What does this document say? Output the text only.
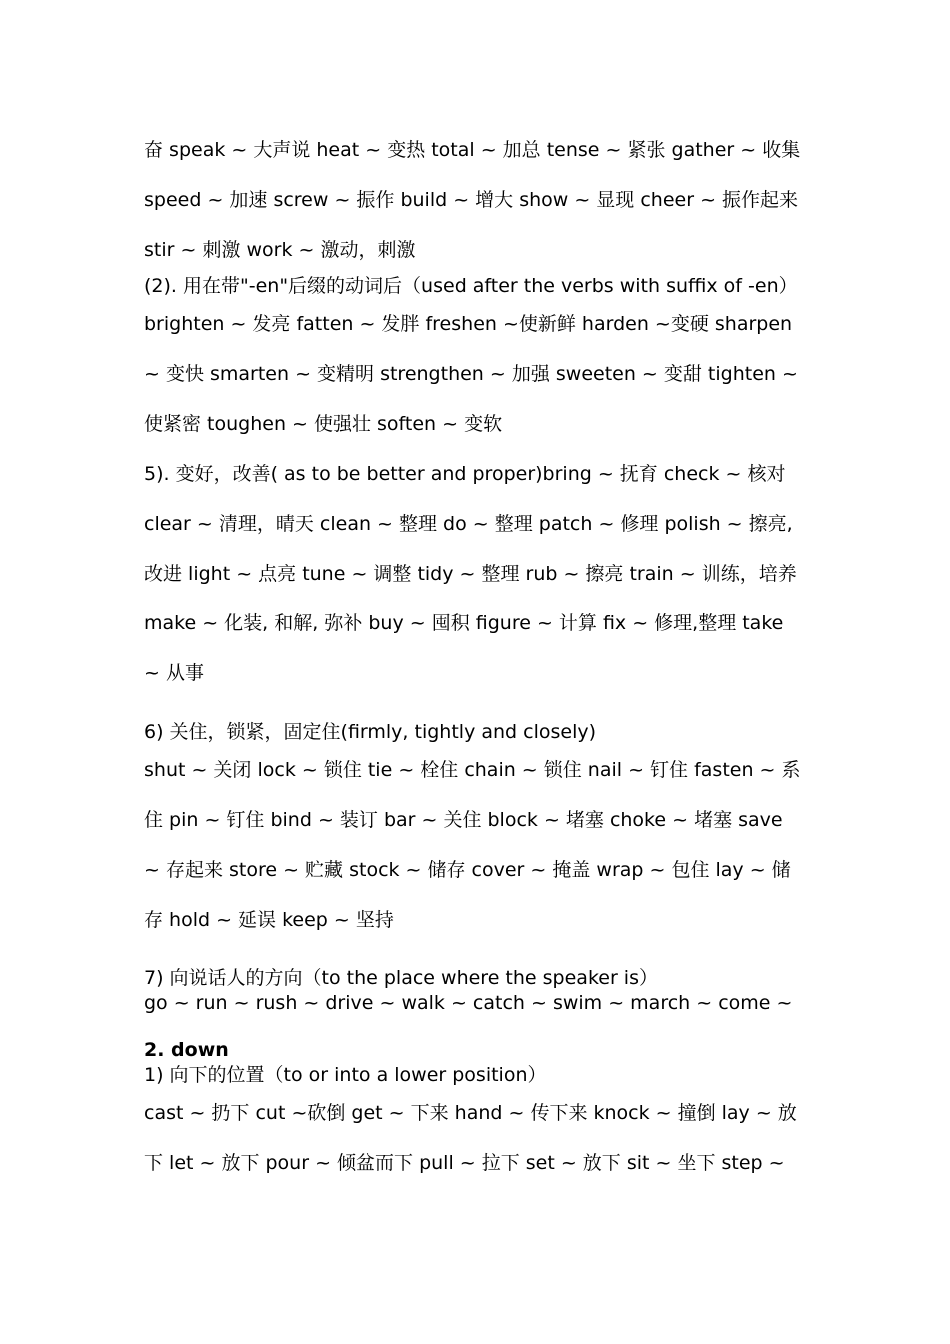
奋 speak ~ 大声说 heat ~ 变热 total ~ 加总 tense ~ 紧张 gather ~ 收集
speed ~ 加速 screw ~ 振作 build ~ 增大 show ~ 显现 cheer ~ 振作起来
stir ~ 刺激 work ~ 激动，刺激
(2). 用在带"-en"后缀的动词后（used after the verbs with suffix of -en）
brighten ~ 发亮 fatten ~ 发胖 freshen ~使新鲜 harden ~变硬 sharpen
~ 变快 smarten ~ 变精明 strengthen ~ 加强 sweeten ~ 变甜 tighten ~
使紧密 toughen ~ 使强壮 soften ~ 变软
5). 变好，改善( as to be better and proper)bring ~ 抚育 check ~ 核对
clear ~ 清理，晴天 clean ~ 整理 do ~ 整理 patch ~ 修理 polish ~ 擦亮,
改进 light ~ 点亮 tune ~ 调整 tidy ~ 整理 rub ~ 擦亮 train ~ 训练，培养
make ~ 化装, 和解, 弥补 buy ~ 囤积 figure ~ 计算 fix ~ 修理,整理 take
~ 从事
6) 关住，锁紧，固定住(firmly, tightly and closely)
shut ~ 关闭 lock ~ 锁住 tie ~ 栓住 chain ~ 锁住 nail ~ 钉住 fasten ~ 系
住 pin ~ 钉住 bind ~ 装订 bar ~ 关住 block ~ 堵塞 choke ~ 堵塞 save
~ 存起来 store ~ 贮藏 stock ~ 储存 cover ~ 掩盖 wrap ~ 包住 lay ~ 储
存 hold ~ 延误 keep ~ 坚持
7) 向说话人的方向（to the place where the speaker is）
go ~ run ~ rush ~ drive ~ walk ~ catch ~ swim ~ march ~ come ~
2. down
1) 向下的位置（to or into a lower position）
cast ~ 扔下 cut ~砍倒 get ~ 下来 hand ~ 传下来 knock ~ 撞倒 lay ~ 放
下 let ~ 放下 pour ~ 倾盆而下 pull ~ 拉下 set ~ 放下 sit ~ 坐下 step ~
